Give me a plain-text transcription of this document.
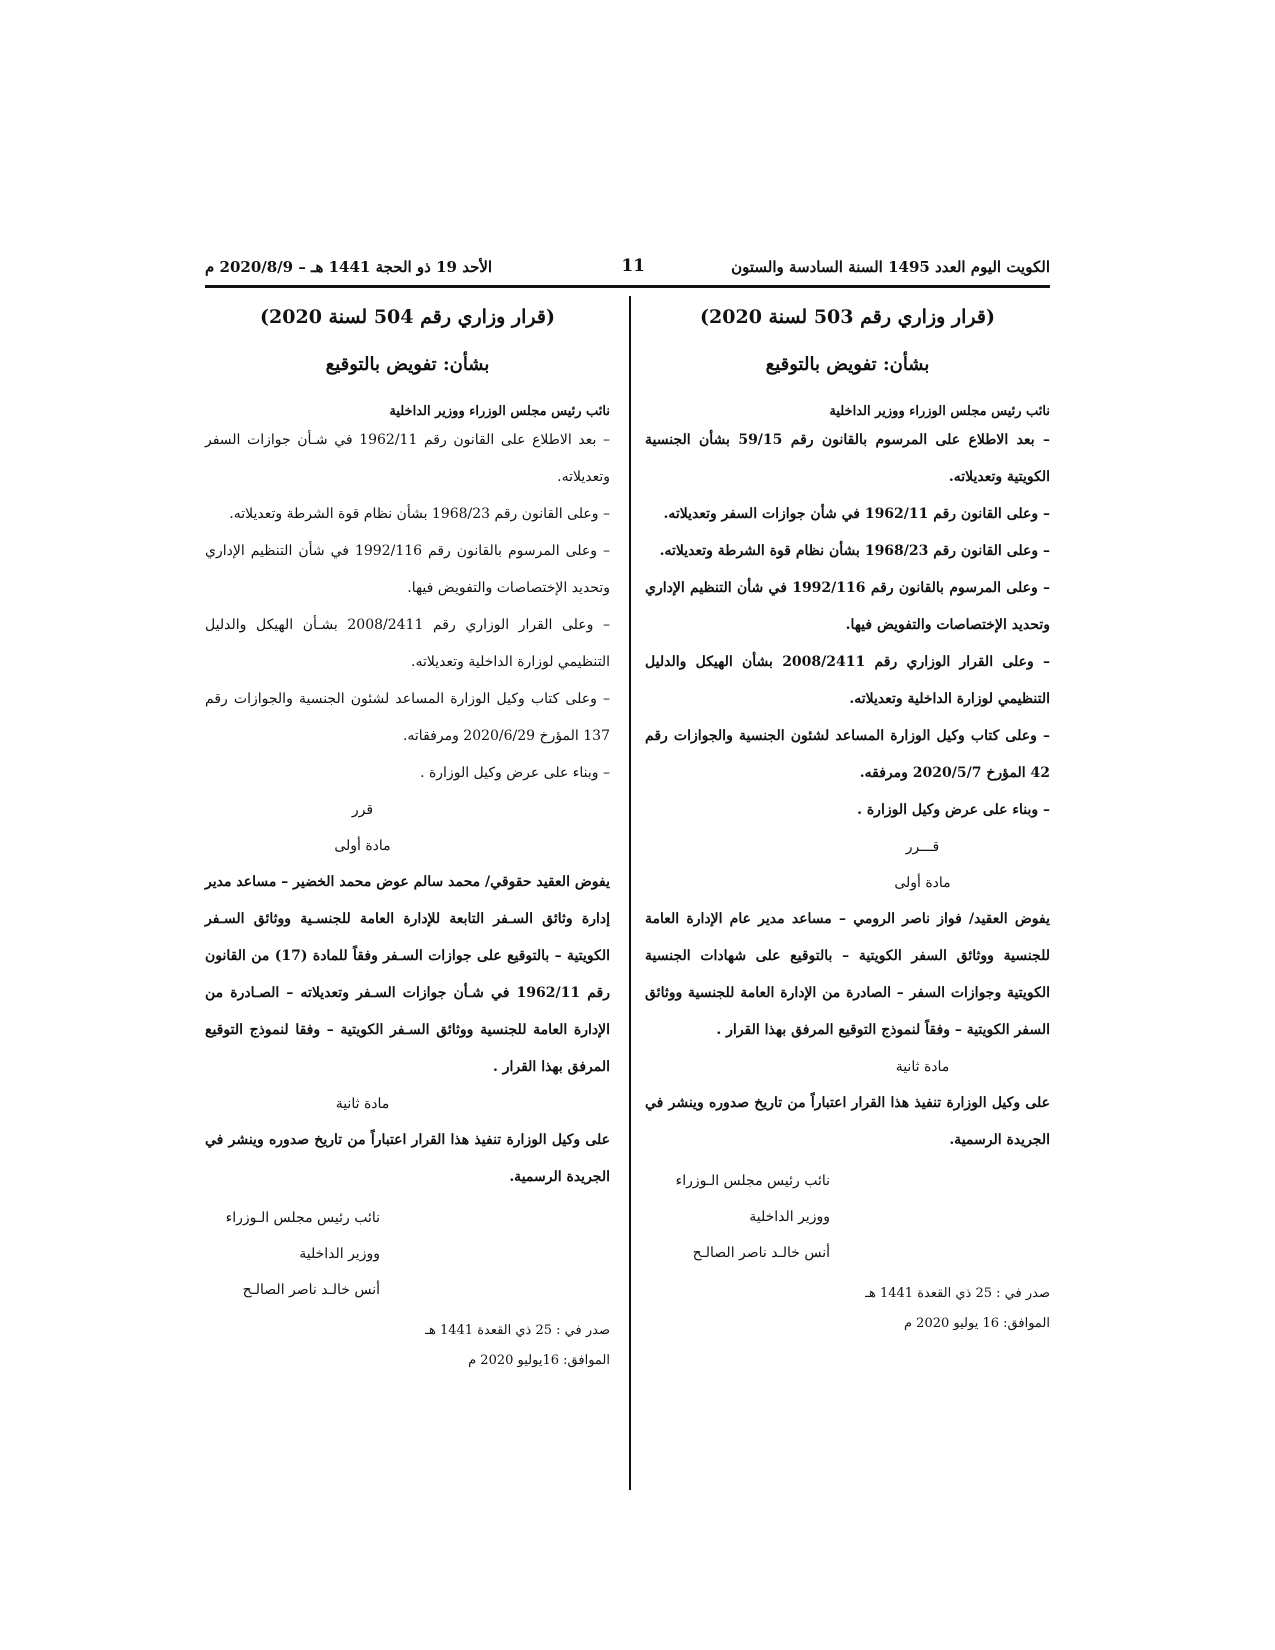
الكويت اليوم العدد 1495 السنة السادسة والستون
11
الأحد 19 ذو الحجة 1441 هـ – 2020/8/9 م
(قرار وزاري رقم 503 لسنة 2020)
بشأن: تفويض بالتوقيع
نائب رئيس مجلس الوزراء ووزير الداخلية

– بعد الاطلاع على المرسوم بالقانون رقم 59/15 بشأن الجنسية الكويتية وتعديلاته.

– وعلى القانون رقم 1962/11 في شأن جوازات السفر وتعديلاته.

– وعلى القانون رقم 1968/23 بشأن نظام قوة الشرطة وتعديلاته.

– وعلى المرسوم بالقانون رقم 1992/116 في شأن التنظيم الإداري وتحديد الإختصاصات والتفويض فيها.

– وعلى القرار الوزاري رقم 2008/2411 بشأن الهيكل والدليل التنظيمي لوزارة الداخلية وتعديلاته.

– وعلى كتاب وكيل الوزارة المساعد لشئون الجنسية والجوازات رقم 42 المؤرخ 2020/5/7 ومرفقه.

– وبناء على عرض وكيل الوزارة .

قـــرر
مادة أولى

يفوض العقيد/ فواز ناصر الرومي – مساعد مدير عام الإدارة العامة للجنسية ووثائق السفر الكويتية – بالتوقيع على شهادات الجنسية الكويتية وجوازات السفر – الصادرة من الإدارة العامة للجنسية ووثائق السفر الكويتية – وفقاً لنموذج التوقيع المرفق بهذا القرار .

مادة ثانية

على وكيل الوزارة تنفيذ هذا القرار اعتباراً من تاريخ صدوره وينشر في الجريدة الرسمية.

نائب رئيس مجلس الـوزراء
ووزير الداخلية
أنس خالـد ناصر الصالـح
صدر في : 25 ذي القعدة 1441 هـ
الموافق: 16 يوليو 2020 م
(قرار وزاري رقم 504 لسنة 2020)
بشأن: تفويض بالتوقيع
نائب رئيس مجلس الوزراء ووزير الداخلية

– بعد الاطلاع على القانون رقم 1962/11 في شـأن جوازات السفر وتعديلاته.

– وعلى القانون رقم 1968/23 بشأن نظام قوة الشرطة وتعديلاته.

– وعلى المرسوم بالقانون رقم 1992/116 في شأن التنظيم الإداري وتحديد الإختصاصات والتفويض فيها.

– وعلى القرار الوزاري رقم 2008/2411 بشـأن الهيكل والدليل التنظيمي لوزارة الداخلية وتعديلاته.

– وعلى كتاب وكيل الوزارة المساعد لشئون الجنسية والجوازات رقم 137 المؤرخ 2020/6/29 ومرفقاته.

– وبناء على عرض وكيل الوزارة .

قرر
مادة أولى

يفوض العقيد حقوقي/ محمد سالم عوض محمد الخضير – مساعد مدير إدارة وثائق السـفر التابعة للإدارة العامة للجنسـية ووثائق السـفر الكويتية – بالتوقيع على جوازات السـفر وفقاً للمادة (17) من القانون رقم 1962/11 في شـأن جوازات السـفر وتعديلاته – الصـادرة من الإدارة العامة للجنسية ووثائق السـفر الكويتية – وفقا لنموذج التوقيع المرفق بهذا القرار .

مادة ثانية

على وكيل الوزارة تنفيذ هذا القرار اعتباراً من تاريخ صدوره وينشر في الجريدة الرسمية.

نائب رئيس مجلس الـوزراء
ووزير الداخلية
أنس خالـد ناصر الصالـح
صدر في : 25 ذي القعدة 1441 هـ
الموافق: 16يوليو 2020 م
